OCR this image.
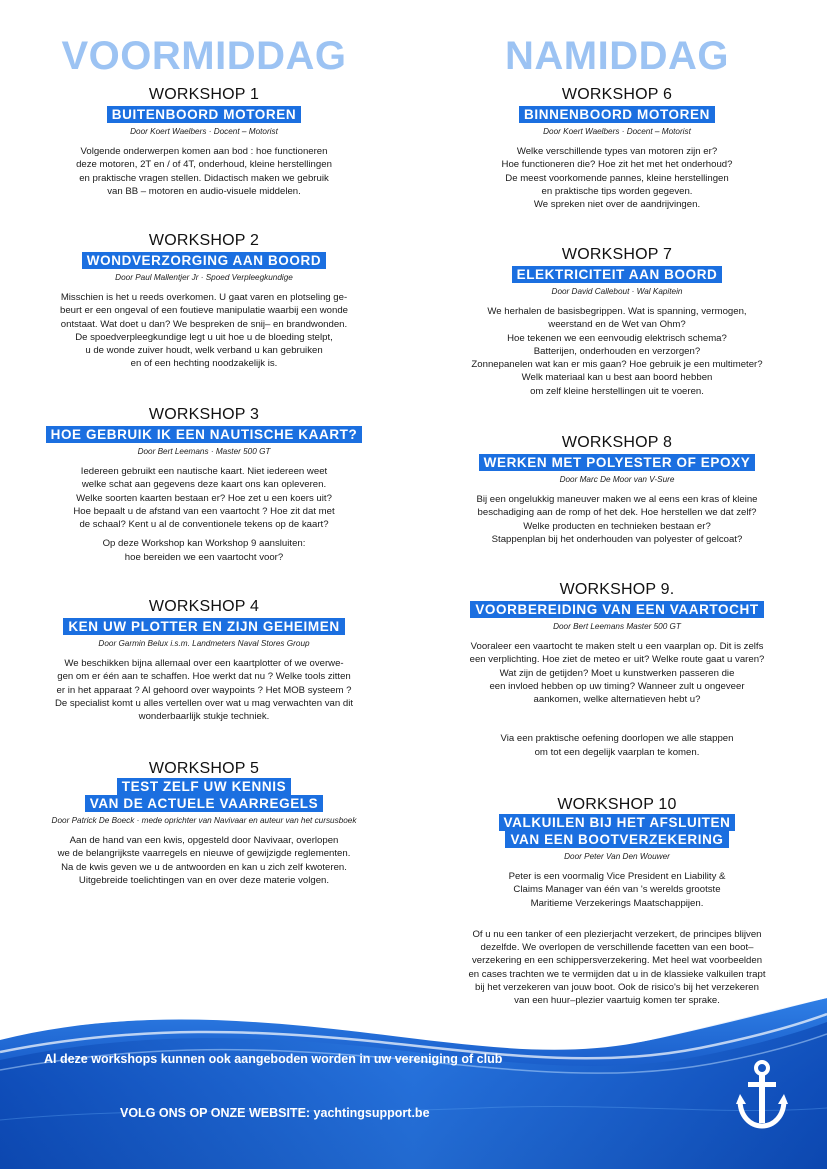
VOORMIDDAG
WORKSHOP 1
BUITENBOORD MOTOREN
Door Koert Waelbers · Docent – Motorist

Volgende onderwerpen komen aan bod : hoe functioneren
deze motoren, 2T en / of 4T, onderhoud, kleine herstellingen
en praktische vragen stellen. Didactisch maken we gebruik
van BB – motoren en audio-visuele middelen.

WORKSHOP 2
WONDVERZORGING AAN BOORD
Door Paul Mallentjer Jr · Spoed Verpleegkundige

Misschien is het u reeds overkomen. U gaat varen en plotseling ge-
beurt er een ongeval of een foutieve manipulatie waarbij een wonde
ontstaat. Wat doet u dan? We bespreken de snij– en brandwonden.
De spoedverpleegkundige legt u uit hoe u de bloeding stelpt,
u de wonde zuiver houdt, welk verband u kan gebruiken
en of een hechting noodzakelijk is.

WORKSHOP 3
HOE GEBRUIK IK EEN NAUTISCHE KAART?
Door Bert Leemans · Master 500 GT

Iedereen gebruikt een nautische kaart. Niet iedereen weet
welke schat aan gegevens deze kaart ons kan opleveren.
Welke soorten kaarten bestaan er? Hoe zet u een koers uit?
Hoe bepaalt u de afstand van een vaartocht ? Hoe zit dat met
de schaal? Kent u al de conventionele tekens op de kaart?

Op deze Workshop kan Workshop 9 aansluiten:
hoe bereiden we een vaartocht voor?

WORKSHOP 4
KEN UW PLOTTER EN ZIJN GEHEIMEN
Door Garmin Belux i.s.m. Landmeters Naval Stores Group

We beschikken bijna allemaal over een kaartplotter of we overwe-
gen om er één aan te schaffen. Hoe werkt dat nu ? Welke tools zitten
er in het apparaat ? Al gehoord over waypoints ? Het MOB systeem ?
De specialist komt u alles vertellen over wat u mag verwachten van dit
wonderbaarlijk stukje techniek.

WORKSHOP 5
TEST ZELF UW KENNIS
VAN DE ACTUELE VAARREGELS
Door Patrick De Boeck · mede oprichter van Navivaar en auteur van het cursusboek

Aan de hand van een kwis, opgesteld door Navivaar, overlopen
we de belangrijkste vaarregels en nieuwe of gewijzigde reglementen.
Na de kwis geven we u de antwoorden en kan u zich zelf kwoteren.
Uitgebreide toelichtingen van en over deze materie volgen.

NAMIDDAG
WORKSHOP 6
BINNENBOORD MOTOREN
Door Koert Waelbers · Docent – Motorist

Welke verschillende types van motoren zijn er?
Hoe functioneren die? Hoe zit het met het onderhoud?
De meest voorkomende pannes, kleine herstellingen
en praktische tips worden gegeven.
We spreken niet over de aandrijvingen.

WORKSHOP 7
ELEKTRICITEIT AAN BOORD
Door David Callebout · Wal Kapitein

We herhalen de basisbegrippen. Wat is spanning, vermogen,
weerstand en de Wet van Ohm?
Hoe tekenen we een eenvoudig elektrisch schema?
Batterijen, onderhouden en verzorgen?
Zonnepanelen wat kan er mis gaan? Hoe gebruik je een multimeter?
Welk materiaal kan u best aan boord hebben
om zelf kleine herstellingen uit te voeren.

WORKSHOP 8
WERKEN MET POLYESTER OF EPOXY
Door Marc De Moor van V-Sure

Bij een ongelukkig maneuver maken we al eens een kras of kleine
beschadiging aan de romp of het dek. Hoe herstellen we dat zelf?
Welke producten en technieken bestaan er?
Stappenplan bij het onderhouden van polyester of gelcoat?

WORKSHOP 9.
VOORBEREIDING VAN EEN VAARTOCHT
Door Bert Leemans Master 500 GT

Vooraleer een vaartocht te maken stelt u een vaarplan op. Dit is zelfs
een verplichting. Hoe ziet de meteo er uit? Welke route gaat u varen?
Wat zijn de getijden? Moet u kunstwerken passeren die
een invloed hebben op uw timing? Wanneer zult u ongeveer
aankomen, welke alternatieven hebt u?

Via een praktische oefening doorlopen we alle stappen
om tot een degelijk vaarplan te komen.

WORKSHOP 10
VALKUILEN BIJ HET AFSLUITEN
VAN EEN BOOTVERZEKERING
Door Peter Van Den Wouwer

Peter is een voormalig Vice President en Liability &
Claims Manager van één van 's werelds grootste
Maritieme Verzekerings Maatschappijen.

Of u nu een tanker of een plezierjacht verzekert, de principes blijven
dezelfde. We overlopen de verschillende facetten van een boot–
verzekering en een schippersverzekering. Met heel wat voorbeelden
en cases trachten we te vermijden dat u in de klassieke valkuilen trapt
bij het verzekeren van jouw boot. Ook de risico's bij het verzekeren
van een huur–plezier vaartuig komen ter sprake.

Al deze workshops kunnen ook aangeboden worden in uw vereniging of club
VOLG ONS OP ONZE WEBSITE: yachtingsupport.be
